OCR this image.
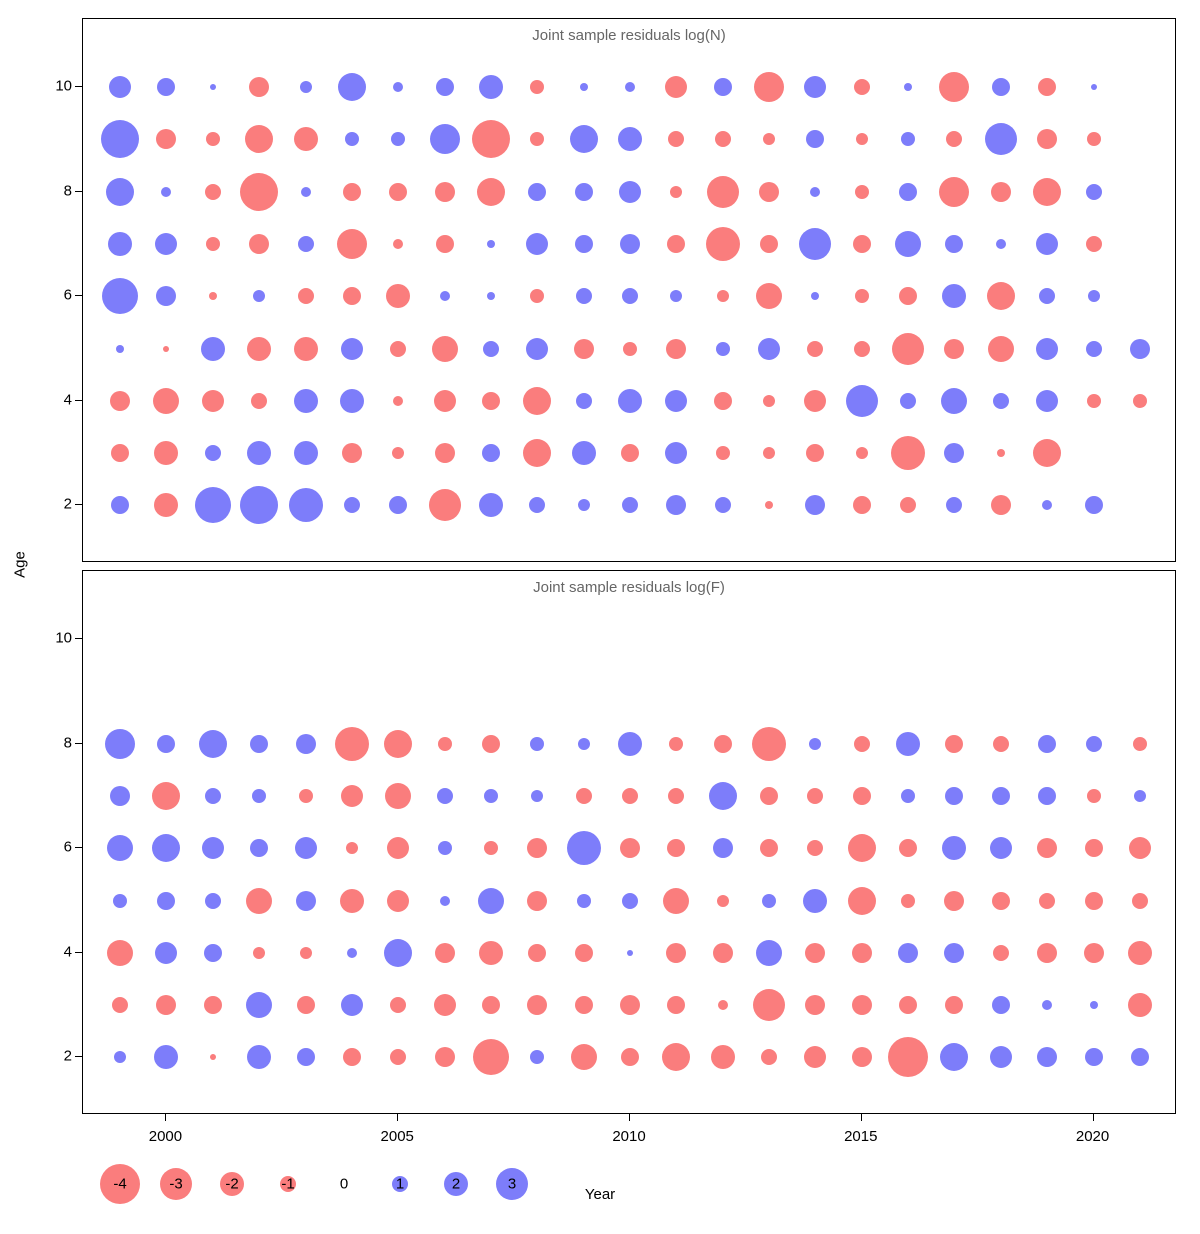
Age
Year
Joint sample residuals log(N)
Joint sample residuals log(F)
2
4
6
8
10
2
4
6
8
10
2000	2005	2010	2015	2020
-4	-3	-2	-1	0	1	2	3
